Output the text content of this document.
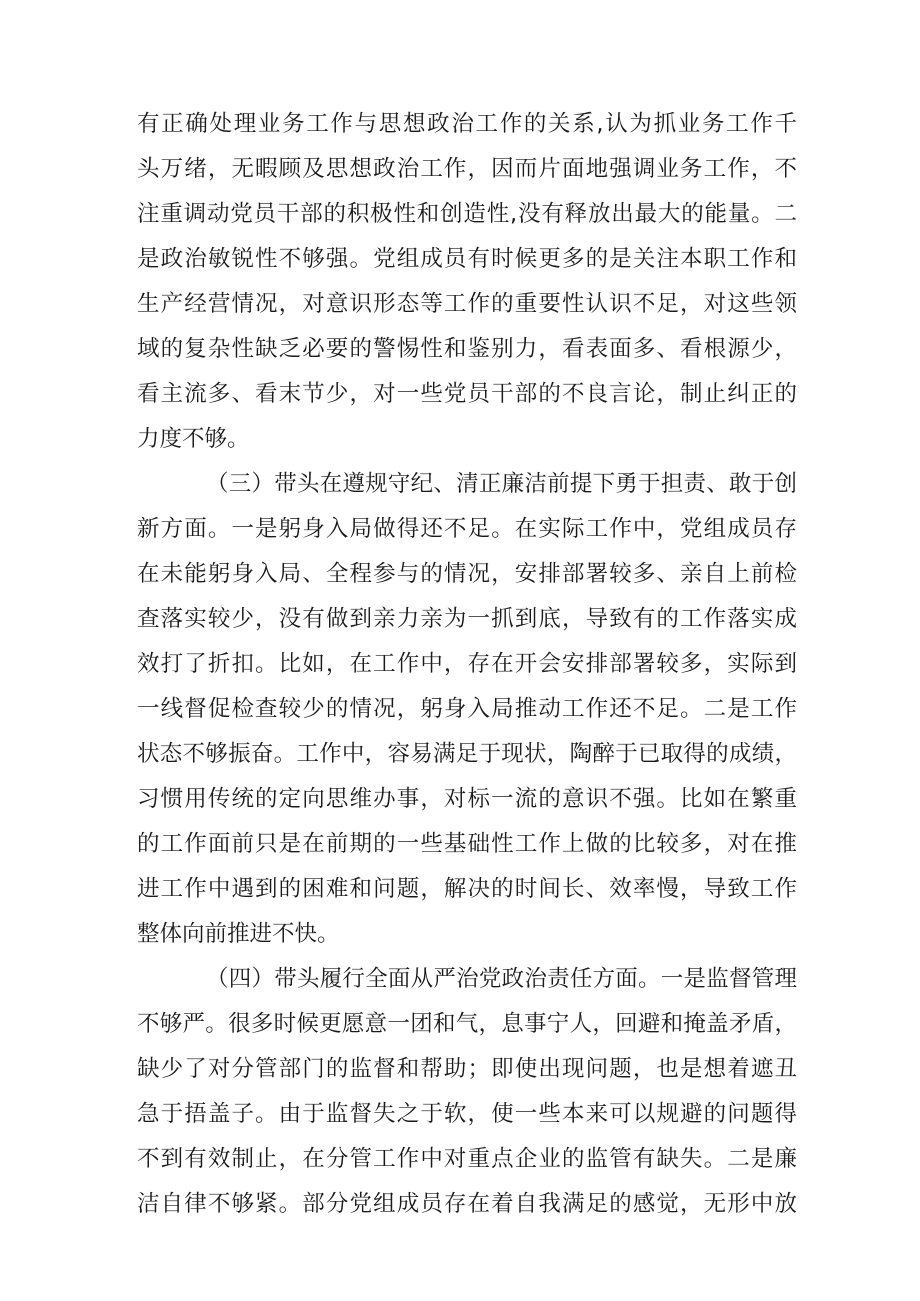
有正确处理业务工作与思想政治工作的关系,认为抓业务工作千
头万绪，无暇顾及思想政治工作，因而片面地强调业务工作，不
注重调动党员干部的积极性和创造性,没有释放出最大的能量。二
是政治敏锐性不够强。党组成员有时候更多的是关注本职工作和
生产经营情况，对意识形态等工作的重要性认识不足，对这些领
域的复杂性缺乏必要的警惕性和鉴别力，看表面多、看根源少，
看主流多、看末节少，对一些党员干部的不良言论，制止纠正的
力度不够。
（三）带头在遵规守纪、清正廉洁前提下勇于担责、敢于创
新方面。一是躬身入局做得还不足。在实际工作中，党组成员存
在未能躬身入局、全程参与的情况，安排部署较多、亲自上前检
查落实较少，没有做到亲力亲为一抓到底，导致有的工作落实成
效打了折扣。比如，在工作中，存在开会安排部署较多，实际到
一线督促检查较少的情况，躬身入局推动工作还不足。二是工作
状态不够振奋。工作中，容易满足于现状，陶醉于已取得的成绩，
习惯用传统的定向思维办事，对标一流的意识不强。比如在繁重
的工作面前只是在前期的一些基础性工作上做的比较多，对在推
进工作中遇到的困难和问题，解决的时间长、效率慢，导致工作
整体向前推进不快。
（四）带头履行全面从严治党政治责任方面。一是监督管理
不够严。很多时候更愿意一团和气，息事宁人，回避和掩盖矛盾，
缺少了对分管部门的监督和帮助；即使出现问题，也是想着遮丑
急于捂盖子。由于监督失之于软，使一些本来可以规避的问题得
不到有效制止，在分管工作中对重点企业的监管有缺失。二是廉
洁自律不够紧。部分党组成员存在着自我满足的感觉，无形中放
